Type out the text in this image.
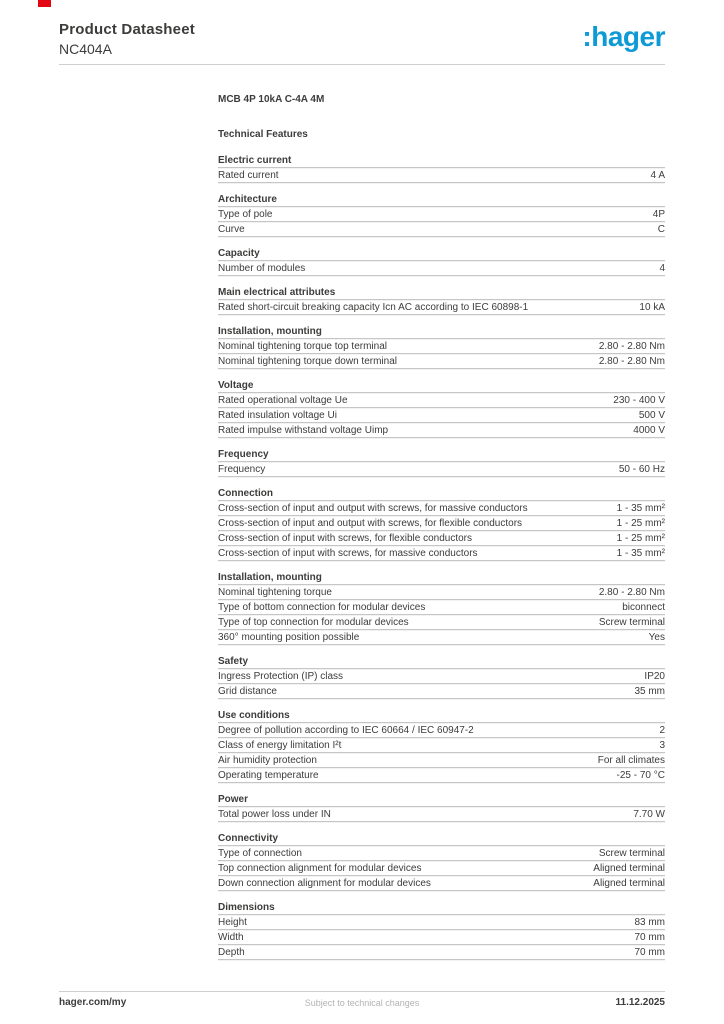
Product Datasheet
NC404A	:hager
MCB 4P 10kA C-4A 4M
Technical Features
Electric current
Rated current	4 A
Architecture
Type of pole	4P
Curve	C
Capacity
Number of modules	4
Main electrical attributes
Rated short-circuit breaking capacity Icn AC according to IEC 60898-1	10 kA
Installation, mounting
Nominal tightening torque top terminal	2.80 - 2.80 Nm
Nominal tightening torque down terminal	2.80 - 2.80 Nm
Voltage
Rated operational voltage Ue	230 - 400 V
Rated insulation voltage Ui	500 V
Rated impulse withstand voltage Uimp	4000 V
Frequency
Frequency	50 - 60 Hz
Connection
Cross-section of input and output with screws, for massive conductors	1 - 35 mm²
Cross-section of input and output with screws, for flexible conductors	1 - 25 mm²
Cross-section of input with screws, for flexible conductors	1 - 25 mm²
Cross-section of input with screws, for massive conductors	1 - 35 mm²
Installation, mounting
Nominal tightening torque	2.80 - 2.80 Nm
Type of bottom connection for modular devices	biconnect
Type of top connection for modular devices	Screw terminal
360° mounting position possible	Yes
Safety
Ingress Protection (IP) class	IP20
Grid distance	35 mm
Use conditions
Degree of pollution according to IEC 60664 / IEC 60947-2	2
Class of energy limitation I²t	3
Air humidity protection	For all climates
Operating temperature	-25 - 70 °C
Power
Total power loss under IN	7.70 W
Connectivity
Type of connection	Screw terminal
Top connection alignment for modular devices	Aligned terminal
Down connection alignment for modular devices	Aligned terminal
Dimensions
Height	83 mm
Width	70 mm
Depth	70 mm
hager.com/my	Subject to technical changes	11.12.2025
